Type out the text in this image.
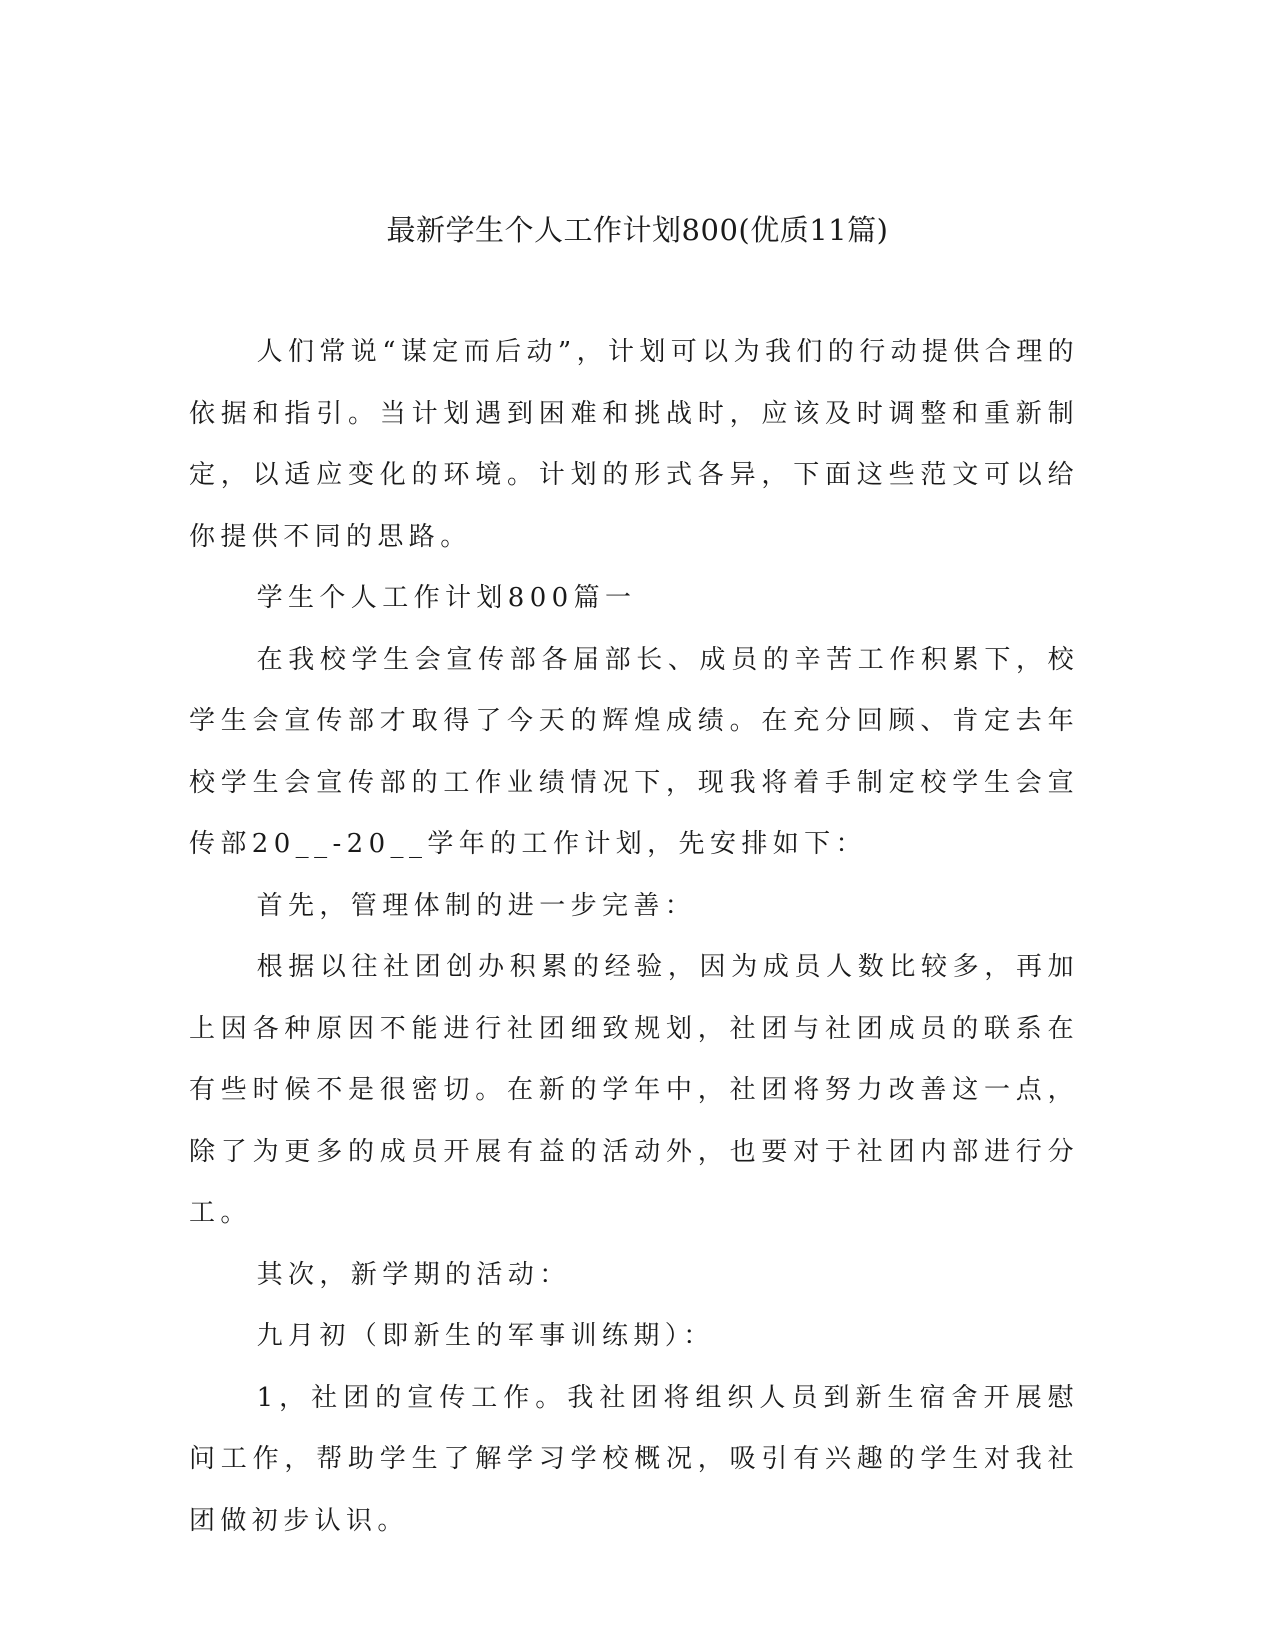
最新学生个人工作计划800(优质11篇)

人们常说“谋定而后动”，计划可以为我们的行动提供合理的依据和指引。当计划遇到困难和挑战时，应该及时调整和重新制定，以适应变化的环境。计划的形式各异，下面这些范文可以给你提供不同的思路。

学生个人工作计划800篇一

在我校学生会宣传部各届部长、成员的辛苦工作积累下，校学生会宣传部才取得了今天的辉煌成绩。在充分回顾、肯定去年校学生会宣传部的工作业绩情况下，现我将着手制定校学生会宣传部20__-20__学年的工作计划，先安排如下：

首先，管理体制的进一步完善：

根据以往社团创办积累的经验，因为成员人数比较多，再加上因各种原因不能进行社团细致规划，社团与社团成员的联系在有些时候不是很密切。在新的学年中，社团将努力改善这一点，除了为更多的成员开展有益的活动外，也要对于社团内部进行分工。

其次，新学期的活动：

九月初（即新生的军事训练期）：

1，社团的宣传工作。我社团将组织人员到新生宿舍开展慰问工作，帮助学生了解学习学校概况，吸引有兴趣的学生对我社团做初步认识。
